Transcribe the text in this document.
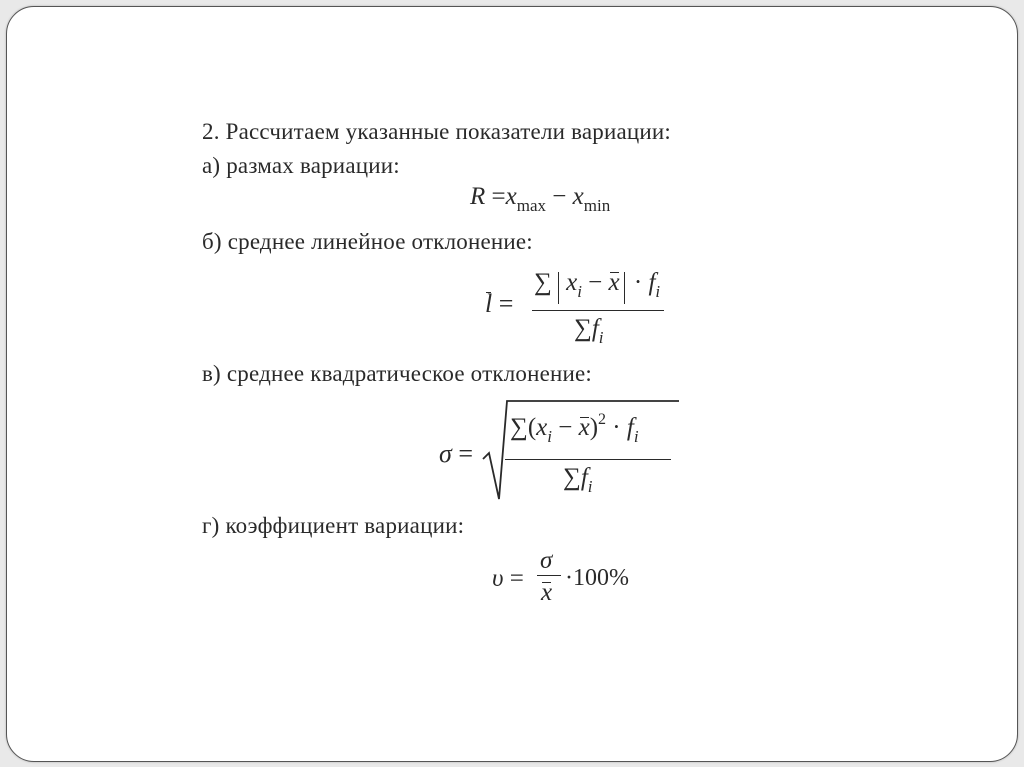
2. Рассчитаем указанные показатели вариации:
а) размах вариации:
$R =x_{max} - x_{min}$
б) среднее линейное отклонение:
l =
∑ $x_i - x \cdot f_i$
$\sum f_i$
в) среднее квадратическое отклонение:
σ =
$\sum(x_i - x)^2 \cdot f_i$
$\sum f_i$
г) коэффициент вариации:
υ =
σ
x
·100%
